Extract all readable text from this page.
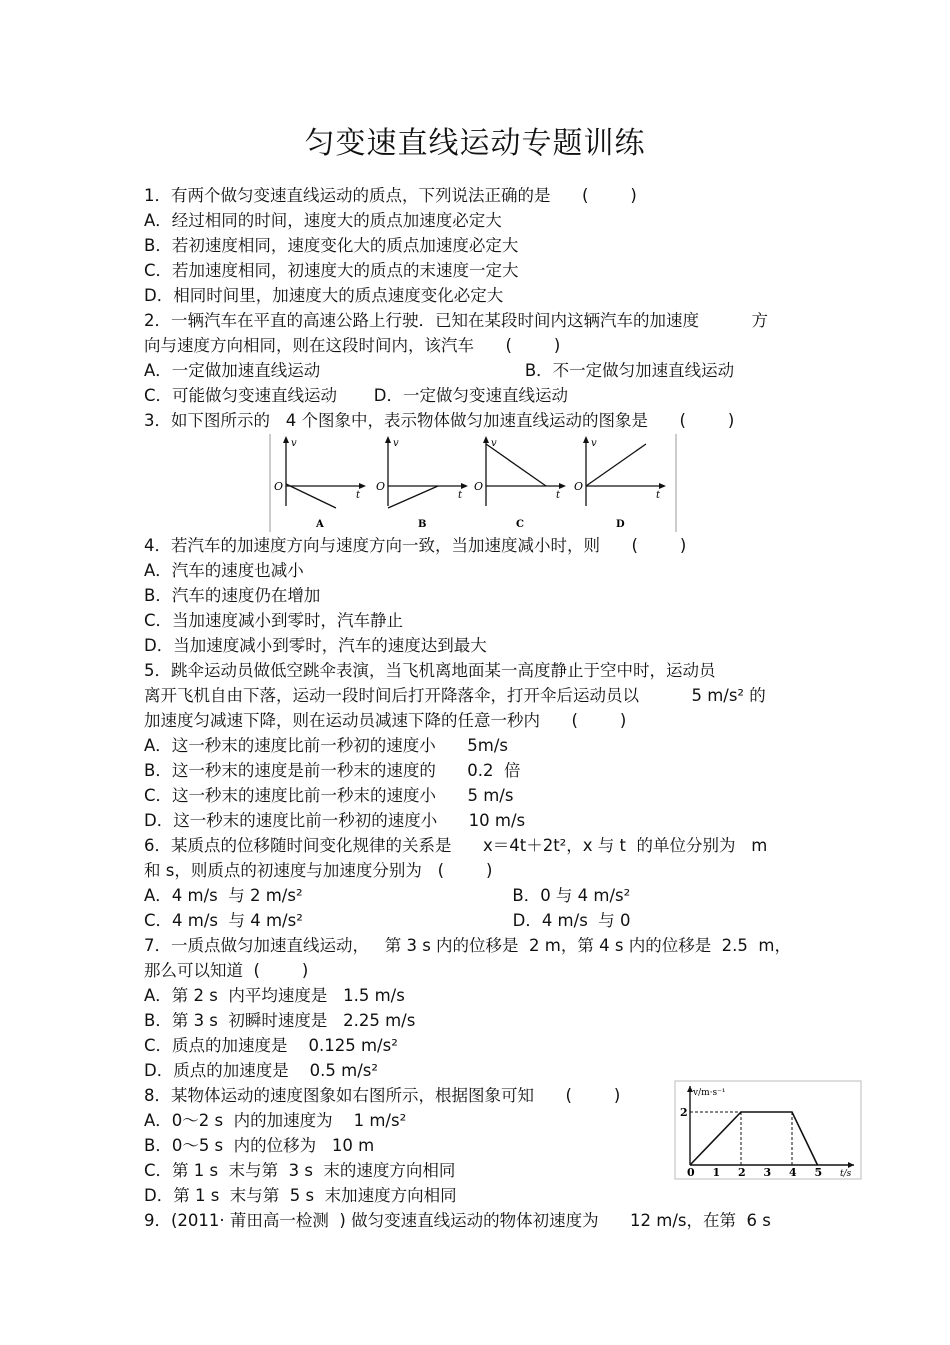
匀变速直线运动专题训练
1．有两个做匀变速直线运动的质点，下列说法正确的是      (        )
A．经过相同的时间，速度大的质点加速度必定大
B．若初速度相同，速度变化大的质点加速度必定大
C．若加速度相同，初速度大的质点的末速度一定大
D．相同时间里，加速度大的质点速度变化必定大
2．一辆汽车在平直的高速公路上行驶．已知在某段时间内这辆汽车的加速度          方
向与速度方向相同，则在这段时间内，该汽车      (        )
A．一定做加速直线运动                                       B．不一定做匀加速直线运动
C．可能做匀变速直线运动       D．一定做匀变速直线运动
3．如下图所示的   4 个图象中，表示物体做匀加速直线运动的图象是      (        )
4．若汽车的加速度方向与速度方向一致，当加速度减小时，则      (        )
A．汽车的速度也减小
B．汽车的速度仍在增加
C．当加速度减小到零时，汽车静止
D．当加速度减小到零时，汽车的速度达到最大
5．跳伞运动员做低空跳伞表演，当飞机离地面某一高度静止于空中时，运动员
离开飞机自由下落，运动一段时间后打开降落伞，打开伞后运动员以          5 m/s² 的
加速度匀减速下降，则在运动员减速下降的任意一秒内      (        )
A．这一秒末的速度比前一秒初的速度小      5m/s
B．这一秒末的速度是前一秒末的速度的      0.2  倍
C．这一秒末的速度比前一秒末的速度小      5 m/s
D．这一秒末的速度比前一秒初的速度小      10 m/s
6．某质点的位移随时间变化规律的关系是      x＝4t＋2t²，x 与 t  的单位分别为   m
和 s，则质点的初速度与加速度分别为   (        )
A．4 m/s  与 2 m/s²                                        B．0 与 4 m/s²
C．4 m/s  与 4 m/s²                                        D．4 m/s  与 0
7．一质点做匀加速直线运动，   第 3 s 内的位移是  2 m，第 4 s 内的位移是  2.5  m，
那么可以知道  (        )
A．第 2 s  内平均速度是   1.5 m/s
B．第 3 s  初瞬时速度是   2.25 m/s
C．质点的加速度是    0.125 m/s²
D．质点的加速度是    0.5 m/s²
8．某物体运动的速度图象如右图所示，根据图象可知      (        )
A．0～2 s  内的加速度为    1 m/s²
B．0～5 s  内的位移为   10 m
C．第 1 s  末与第  3 s  末的速度方向相同
D．第 1 s  末与第  5 s  末加速度方向相同
9．(2011· 莆田高一检测  ) 做匀变速直线运动的物体初速度为      12 m/s，在第  6 s
v
t
O
A
v
t
O
B
v
t
O
C
v
t
O
D
v/m·s⁻¹
t/s
2
0 1 2 3 4 5
